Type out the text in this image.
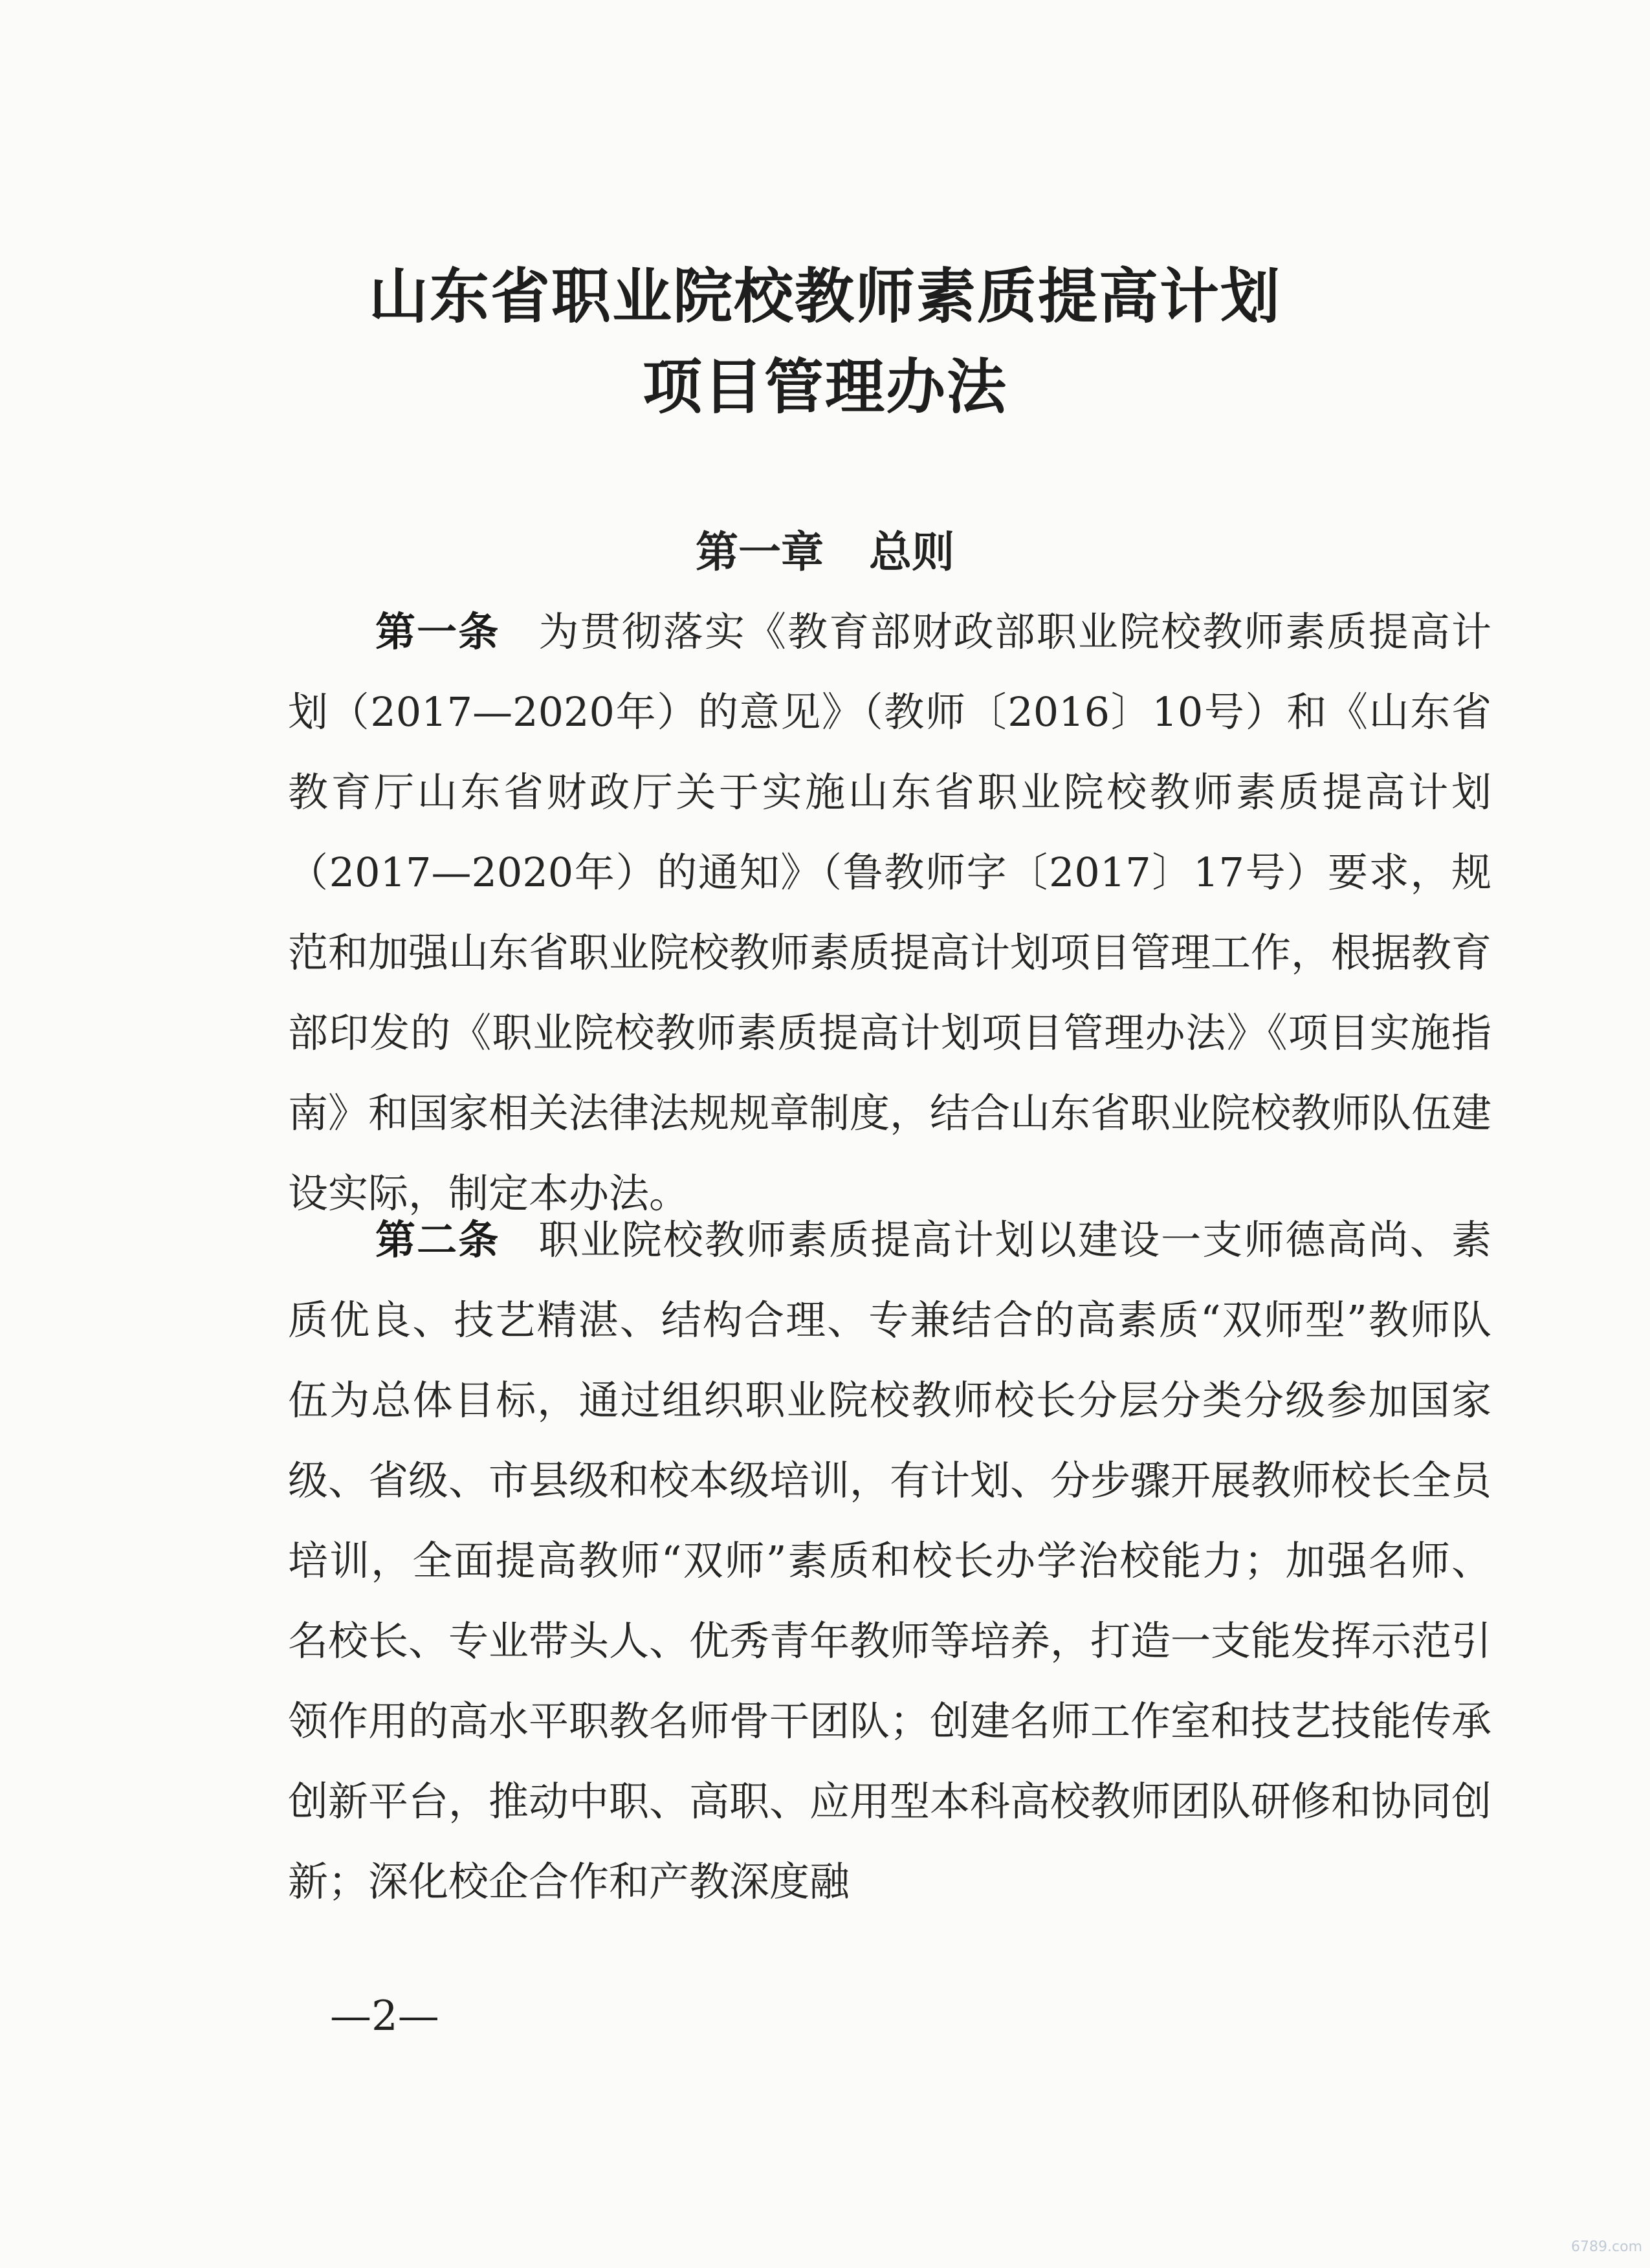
山东省职业院校教师素质提高计划
项目管理办法
第一章 总则

第一条 为贯彻落实《教育部财政部职业院校教师素质提高计划（2017—2020年）的意见》（教师〔2016〕10号）和《山东省教育厅山东省财政厅关于实施山东省职业院校教师素质提高计划（2017—2020年）的通知》（鲁教师字〔2017〕17号）要求，规范和加强山东省职业院校教师素质提高计划项目管理工作，根据教育部印发的《职业院校教师素质提高计划项目管理办法》《项目实施指南》和国家相关法律法规规章制度，结合山东省职业院校教师队伍建设实际，制定本办法。

第二条 职业院校教师素质提高计划以建设一支师德高尚、素质优良、技艺精湛、结构合理、专兼结合的高素质“双师型”教师队伍为总体目标，通过组织职业院校教师校长分层分类分级参加国家级、省级、市县级和校本级培训，有计划、分步骤开展教师校长全员培训，全面提高教师“双师”素质和校长办学治校能力；加强名师、名校长、专业带头人、优秀青年教师等培养，打造一支能发挥示范引领作用的高水平职教名师骨干团队；创建名师工作室和技艺技能传承创新平台，推动中职、高职、应用型本科高校教师团队研修和协同创新；深化校企合作和产教深度融

—2—
6789.com
